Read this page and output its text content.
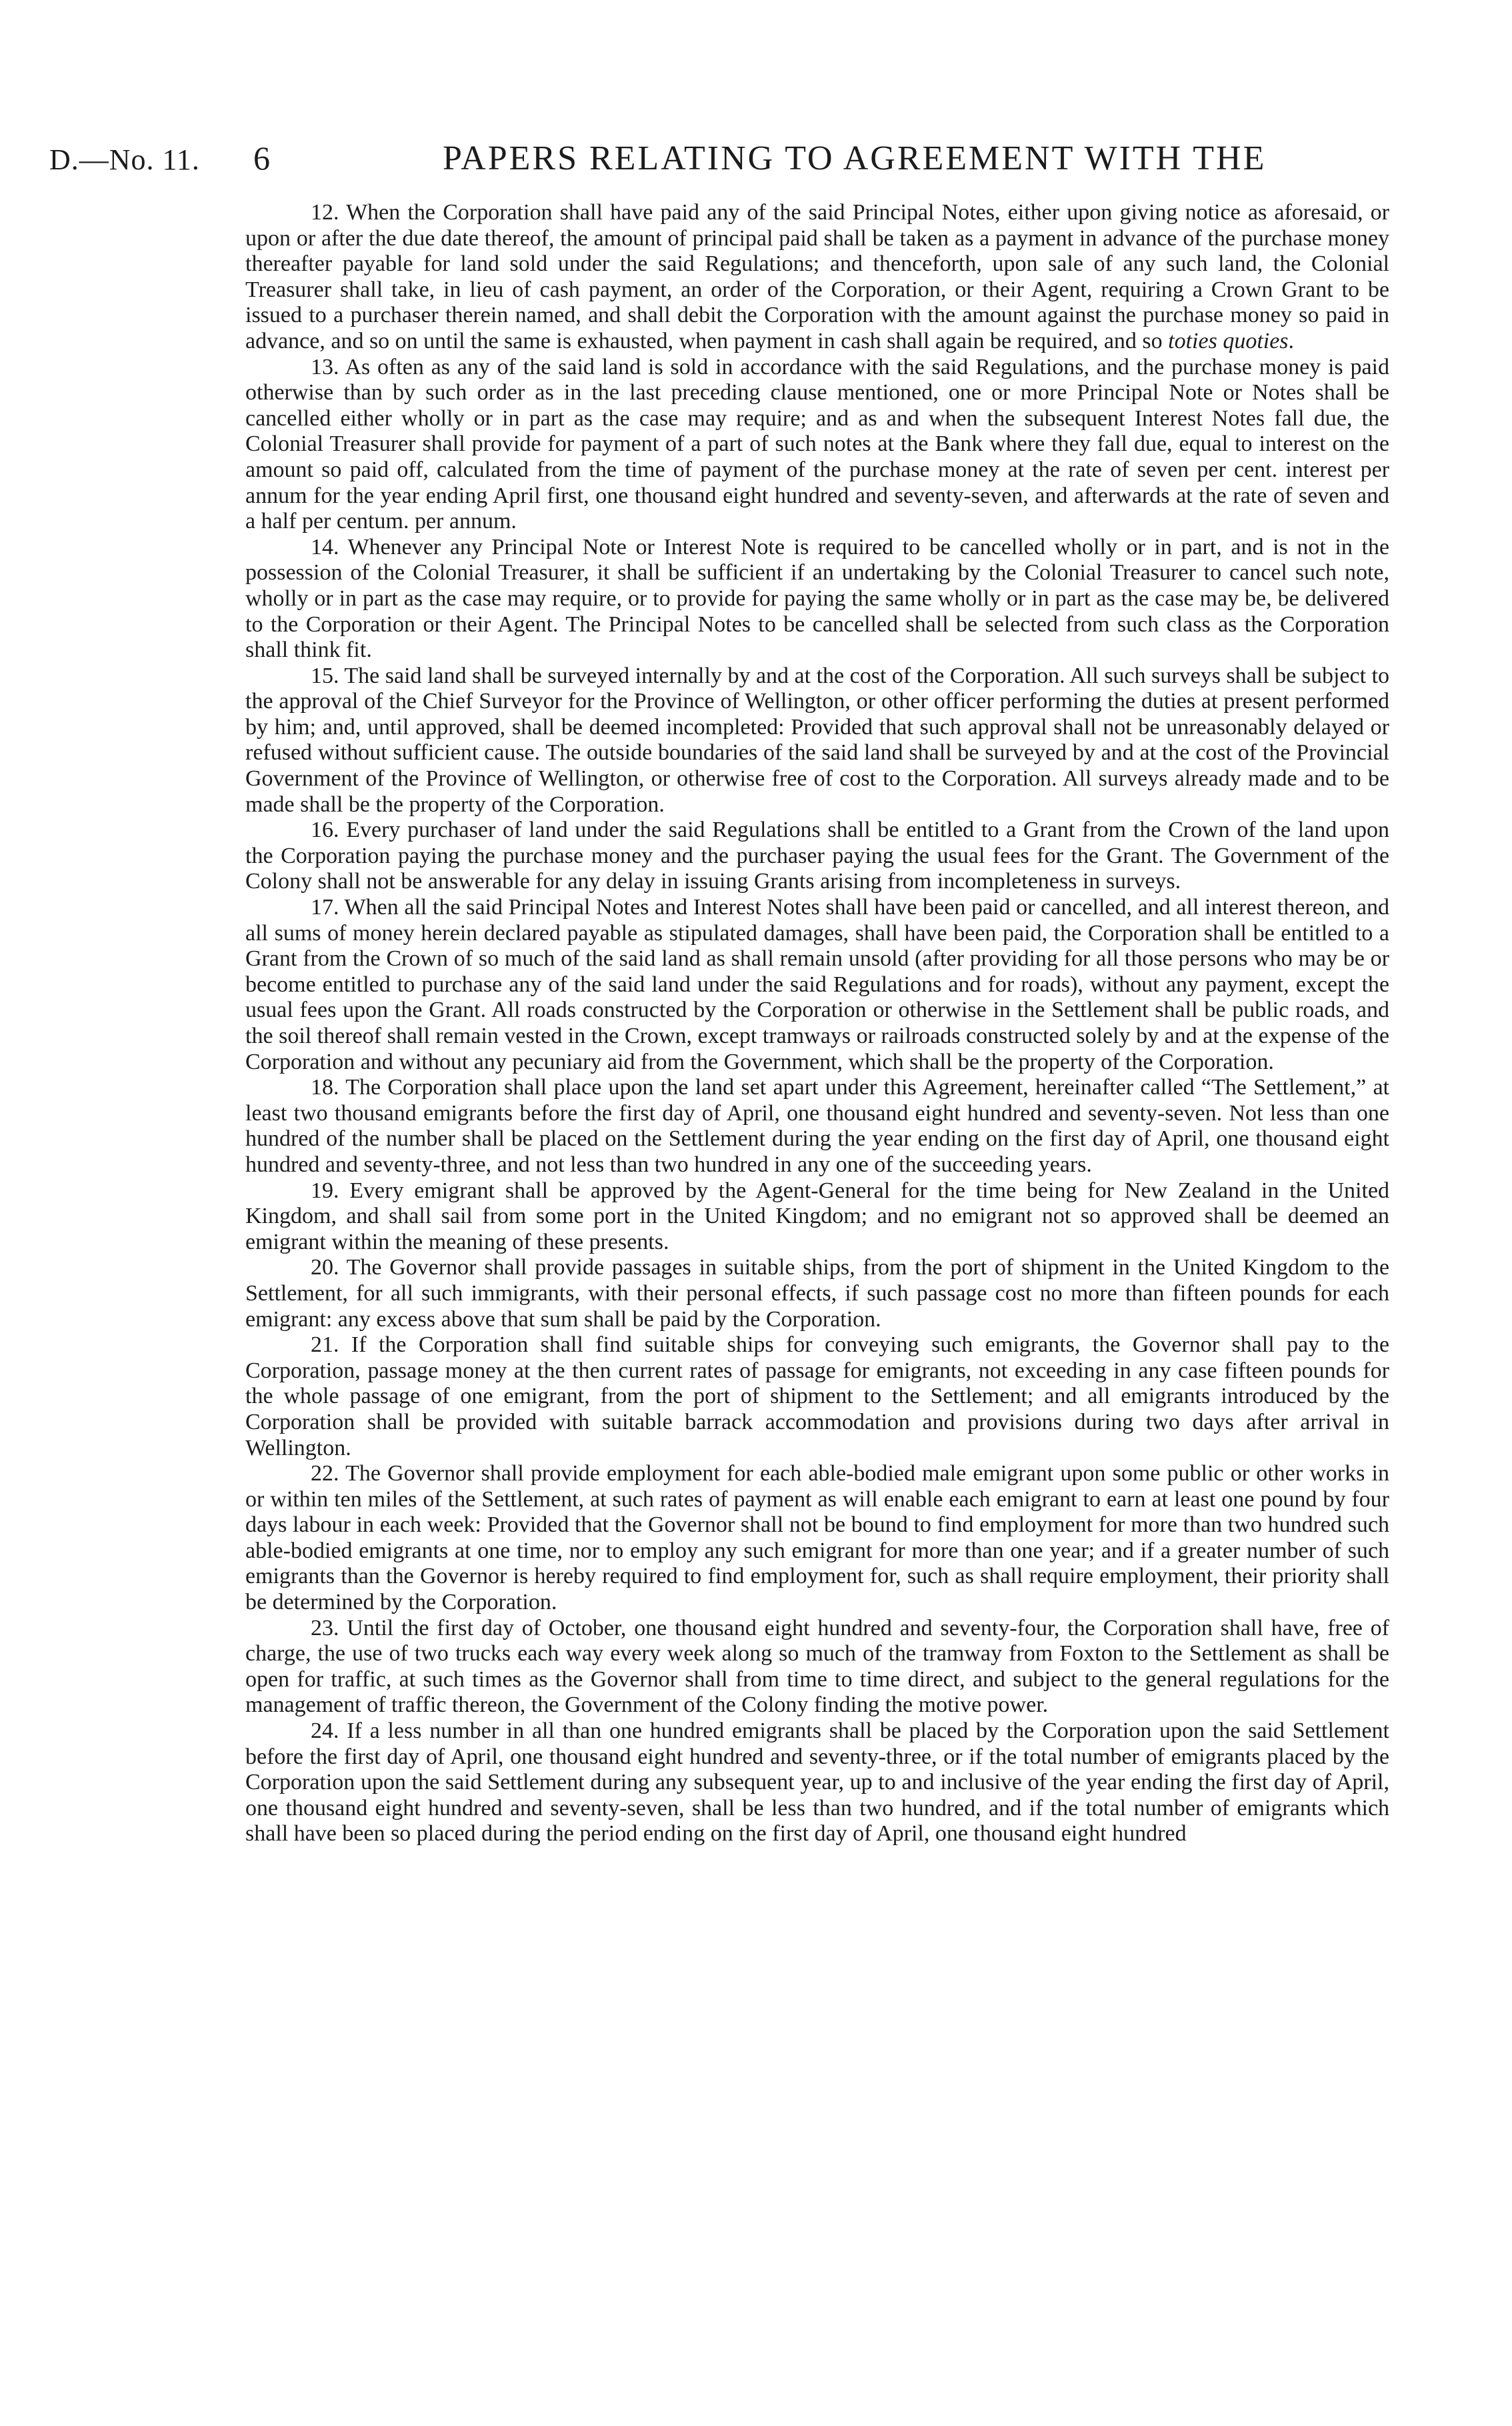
D.—No. 11. 6	PAPERS RELATING TO AGREEMENT WITH THE

12. When the Corporation shall have paid any of the said Principal Notes, either upon giving notice as aforesaid, or upon or after the due date thereof, the amount of principal paid shall be taken as a payment in advance of the purchase money thereafter payable for land sold under the said Regulations; and thenceforth, upon sale of any such land, the Colonial Treasurer shall take, in lieu of cash payment, an order of the Corporation, or their Agent, requiring a Crown Grant to be issued to a purchaser therein named, and shall debit the Corporation with the amount against the purchase money so paid in advance, and so on until the same is exhausted, when payment in cash shall again be required, and so toties quoties.

13. As often as any of the said land is sold in accordance with the said Regulations, and the purchase money is paid otherwise than by such order as in the last preceding clause mentioned, one or more Principal Note or Notes shall be cancelled either wholly or in part as the case may require; and as and when the subsequent Interest Notes fall due, the Colonial Treasurer shall provide for payment of a part of such notes at the Bank where they fall due, equal to interest on the amount so paid off, calculated from the time of payment of the purchase money at the rate of seven per cent. interest per annum for the year ending April first, one thousand eight hundred and seventy-seven, and afterwards at the rate of seven and a half per centum. per annum.

14. Whenever any Principal Note or Interest Note is required to be cancelled wholly or in part, and is not in the possession of the Colonial Treasurer, it shall be sufficient if an undertaking by the Colonial Treasurer to cancel such note, wholly or in part as the case may require, or to provide for paying the same wholly or in part as the case may be, be delivered to the Corporation or their Agent. The Principal Notes to be cancelled shall be selected from such class as the Corporation shall think fit.

15. The said land shall be surveyed internally by and at the cost of the Corporation. All such surveys shall be subject to the approval of the Chief Surveyor for the Province of Wellington, or other officer performing the duties at present performed by him; and, until approved, shall be deemed incompleted: Provided that such approval shall not be unreasonably delayed or refused without sufficient cause. The outside boundaries of the said land shall be surveyed by and at the cost of the Provincial Government of the Province of Wellington, or otherwise free of cost to the Corporation. All surveys already made and to be made shall be the property of the Corporation.

16. Every purchaser of land under the said Regulations shall be entitled to a Grant from the Crown of the land upon the Corporation paying the purchase money and the purchaser paying the usual fees for the Grant. The Government of the Colony shall not be answerable for any delay in issuing Grants arising from incompleteness in surveys.

17. When all the said Principal Notes and Interest Notes shall have been paid or cancelled, and all interest thereon, and all sums of money herein declared payable as stipulated damages, shall have been paid, the Corporation shall be entitled to a Grant from the Crown of so much of the said land as shall remain unsold (after providing for all those persons who may be or become entitled to purchase any of the said land under the said Regulations and for roads), without any payment, except the usual fees upon the Grant. All roads constructed by the Corporation or otherwise in the Settlement shall be public roads, and the soil thereof shall remain vested in the Crown, except tramways or railroads constructed solely by and at the expense of the Corporation and without any pecuniary aid from the Government, which shall be the property of the Corporation.

18. The Corporation shall place upon the land set apart under this Agreement, hereinafter called “The Settlement,” at least two thousand emigrants before the first day of April, one thousand eight hundred and seventy-seven. Not less than one hundred of the number shall be placed on the Settlement during the year ending on the first day of April, one thousand eight hundred and seventy-three, and not less than two hundred in any one of the succeeding years.

19. Every emigrant shall be approved by the Agent-General for the time being for New Zealand in the United Kingdom, and shall sail from some port in the United Kingdom; and no emigrant not so approved shall be deemed an emigrant within the meaning of these presents.

20. The Governor shall provide passages in suitable ships, from the port of shipment in the United Kingdom to the Settlement, for all such immigrants, with their personal effects, if such passage cost no more than fifteen pounds for each emigrant: any excess above that sum shall be paid by the Corporation.

21. If the Corporation shall find suitable ships for conveying such emigrants, the Governor shall pay to the Corporation, passage money at the then current rates of passage for emigrants, not exceeding in any case fifteen pounds for the whole passage of one emigrant, from the port of shipment to the Settlement; and all emigrants introduced by the Corporation shall be provided with suitable barrack accommodation and provisions during two days after arrival in Wellington.

22. The Governor shall provide employment for each able-bodied male emigrant upon some public or other works in or within ten miles of the Settlement, at such rates of payment as will enable each emigrant to earn at least one pound by four days labour in each week: Provided that the Governor shall not be bound to find employment for more than two hundred such able-bodied emigrants at one time, nor to employ any such emigrant for more than one year; and if a greater number of such emigrants than the Governor is hereby required to find employment for, such as shall require employment, their priority shall be determined by the Corporation.

23. Until the first day of October, one thousand eight hundred and seventy-four, the Corporation shall have, free of charge, the use of two trucks each way every week along so much of the tramway from Foxton to the Settlement as shall be open for traffic, at such times as the Governor shall from time to time direct, and subject to the general regulations for the management of traffic thereon, the Government of the Colony finding the motive power.

24. If a less number in all than one hundred emigrants shall be placed by the Corporation upon the said Settlement before the first day of April, one thousand eight hundred and seventy-three, or if the total number of emigrants placed by the Corporation upon the said Settlement during any subsequent year, up to and inclusive of the year ending the first day of April, one thousand eight hundred and seventy-seven, shall be less than two hundred, and if the total number of emigrants which shall have been so placed during the period ending on the first day of April, one thousand eight hundred
